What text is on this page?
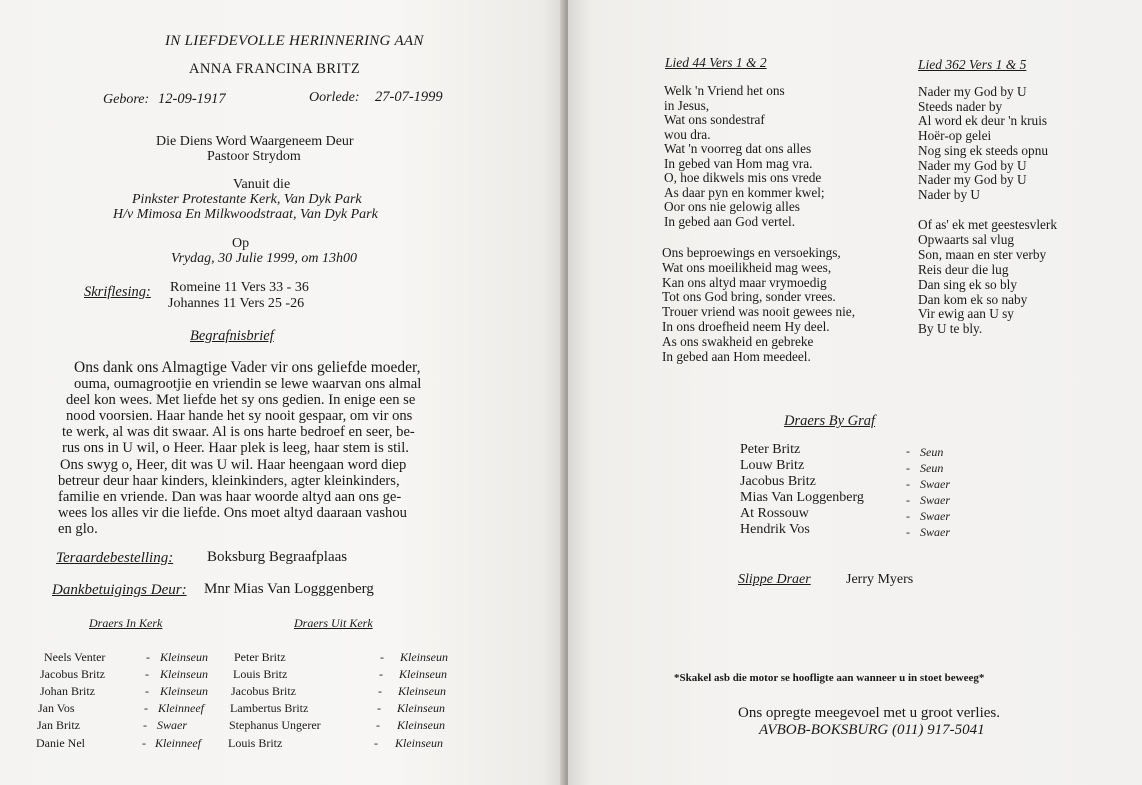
IN LIEFDEVOLLE HERINNERING AAN
ANNA FRANCINA BRITZ
Gebore: 12-09-1917	Oorlede: 27-07-1999
Die Diens Word Waargeneem Deur
Pastoor Strydom
Vanuit die
Pinkster Protestante Kerk, Van Dyk Park
H/v Mimosa En Milkwoodstraat, Van Dyk Park
Op
Vrydag, 30 Julie 1999, om 13h00
Skriflesing: Romeine 11 Vers 33 - 36
Johannes 11 Vers 25 -26
Begrafnisbrief
Ons dank ons Almagtige Vader vir ons geliefde moeder,
ouma, oumagrootjie en vriendin se lewe waarvan ons almal
deel kon wees. Met liefde het sy ons gedien. In enige een se
nood voorsien. Haar hande het sy nooit gespaar, om vir ons
te werk, al was dit swaar. Al is ons harte bedroef en seer, be-
rus ons in U wil, o Heer. Haar plek is leeg, haar stem is stil.
Ons swyg o, Heer, dit was U wil. Haar heengaan word diep
betreur deur haar kinders, kleinkinders, agter kleinkinders,
familie en vriende. Dan was haar woorde altyd aan ons ge-
wees los alles vir die liefde. Ons moet altyd daaraan vashou
en glo.
Teraardebestelling: Boksburg Begraafplaas
Dankbetuigings Deur: Mnr Mias Van Logggenberg
Draers In Kerk	Draers Uit Kerk
Neels Venter	- Kleinseun
Jacobus Britz	- Kleinseun
Johan Britz	- Kleinseun
Jan Vos	- Kleinneef
Jan Britz	- Swaer
Danie Nel	- Kleinneef
Peter Britz	- Kleinseun
Louis Britz	- Kleinseun
Jacobus Britz	- Kleinseun
Lambertus Britz	- Kleinseun
Stephanus Ungerer	- Kleinseun
Louis Britz	- Kleinseun
Lied 44 Vers 1 & 2
Welk 'n Vriend het ons
in Jesus,
Wat ons sondestraf
wou dra.
Wat 'n voorreg dat ons alles
In gebed van Hom mag vra.
O, hoe dikwels mis ons vrede
As daar pyn en kommer kwel;
Oor ons nie gelowig alles
In gebed aan God vertel.
Ons beproewings en versoekings,
Wat ons moeilikheid mag wees,
Kan ons altyd maar vrymoedig
Tot ons God bring, sonder vrees.
Trouer vriend was nooit gewees nie,
In ons droefheid neem Hy deel.
As ons swakheid en gebreke
In gebed aan Hom meedeel.
Lied 362 Vers 1 & 5
Nader my God by U
Steeds nader by
Al word ek deur 'n kruis
Hoër-op gelei
Nog sing ek steeds opnu
Nader my God by U
Nader my God by U
Nader by U
Of as' ek met geestesvlerk
Opwaarts sal vlug
Son, maan en ster verby
Reis deur die lug
Dan sing ek so bly
Dan kom ek so naby
Vir ewig aan U sy
By U te bly.
Draers By Graf
Peter Britz	- Seun
Louw Britz	- Seun
Jacobus Britz	- Swaer
Mias Van Loggenberg	- Swaer
At Rossouw	- Swaer
Hendrik Vos	- Swaer
Slippe Draer	Jerry Myers
*Skakel asb die motor se hoofligte aan wanneer u in stoet beweeg*
Ons opregte meegevoel met u groot verlies.
AVBOB-BOKSBURG (011) 917-5041
